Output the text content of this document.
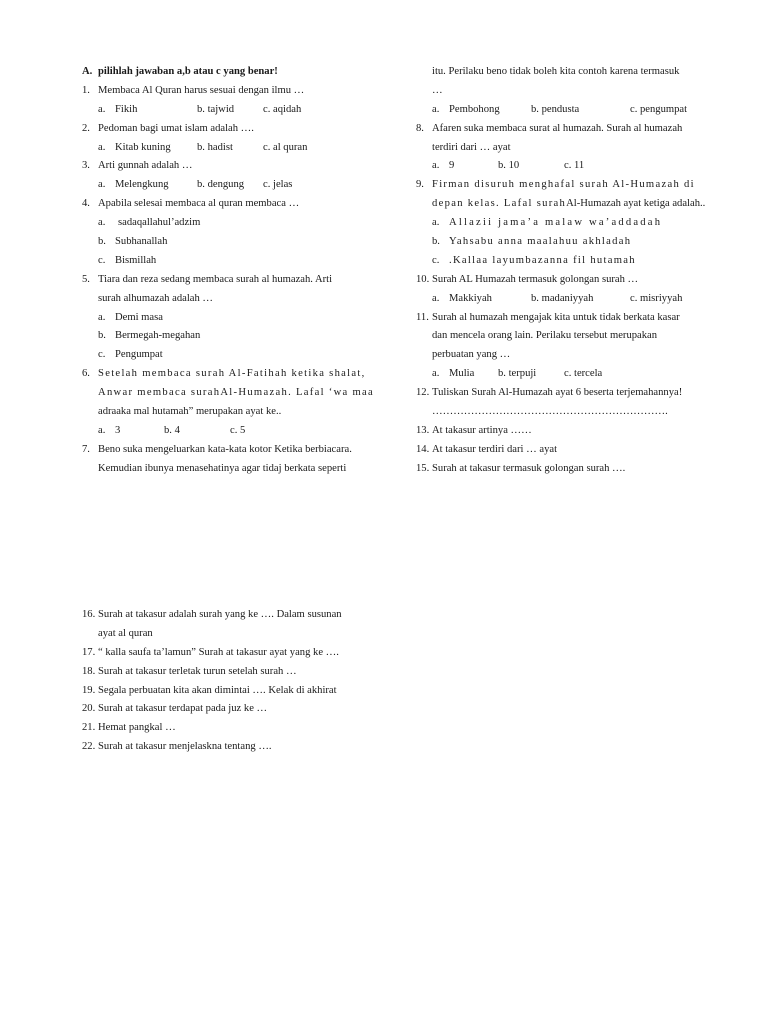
A. pilihlah jawaban a,b atau c yang benar!
1. Membaca Al Quran harus sesuai dengan ilmu …
a. Fikih	b. tajwid	c. aqidah
2. Pedoman bagi umat islam adalah ….
a. Kitab kuning b. hadist	c. al quran
3. Arti gunnah adalah …
a. Melengkung	b. dengung c. jelas
4. Apabila selesai membaca al quran membaca …
a. sadaqallahul’adzim
b. Subhanallah
c. Bismillah
5. Tiara dan reza sedang membaca surah al humazah. Arti
surah alhumazah adalah …
a. Demi masa
b. Bermegah-megahan
c. Pengumpat
6. Setelah membaca surah Al-Fatihah ketika shalat,
Anwar membaca surahAl-Humazah. Lafal ‘wa maa
adraaka mal hutamah” merupakan ayat ke..
a. 3	b. 4	c. 5
7. Beno suka mengeluarkan kata-kata kotor Ketika berbiacara.
Kemudian ibunya menasehatinya agar tidaj berkata seperti
itu. Perilaku beno tidak boleh kita contoh karena termasuk
…
a. Pembohong	b. pendusta	c. pengumpat
8. Afaren suka membaca surat al humazah. Surah al humazah
terdiri dari … ayat
a. 9	b. 10	c. 11
9. Firman disuruh menghafal surah Al-Humazah di
depan kelas. Lafal surahAl-Humazah ayat ketiga adalah..
a. Allazii jama’a malaw wa’addadah
b. Yahsabu anna maalahuu akhladah
c. .Kallaa layumbazanna fil hutamah
10. Surah AL Humazah termasuk golongan surah …
a. Makkiyah	b. madaniyyah	c. misriyyah
11. Surah al humazah mengajak kita untuk tidak berkata kasar
dan mencela orang lain. Perilaku tersebut merupakan
perbuatan yang …
a. Mulia b. terpuji	c. tercela
12. Tuliskan Surah Al-Humazah ayat 6 beserta terjemahannya!
………………………………………………………….
13. At takasur artinya ……
14. At takasur terdiri dari … ayat
15. Surah at takasur termasuk golongan surah ….
16. Surah at takasur adalah surah yang ke …. Dalam susunan
ayat al quran
17. “ kalla saufa ta’lamun” Surah at takasur ayat yang ke ….
18. Surah at takasur terletak turun setelah surah …
19. Segala perbuatan kita akan dimintai …. Kelak di akhirat
20. Surah at takasur terdapat pada juz ke …
21. Hemat pangkal …
22. Surah at takasur menjelaskna tentang ….
